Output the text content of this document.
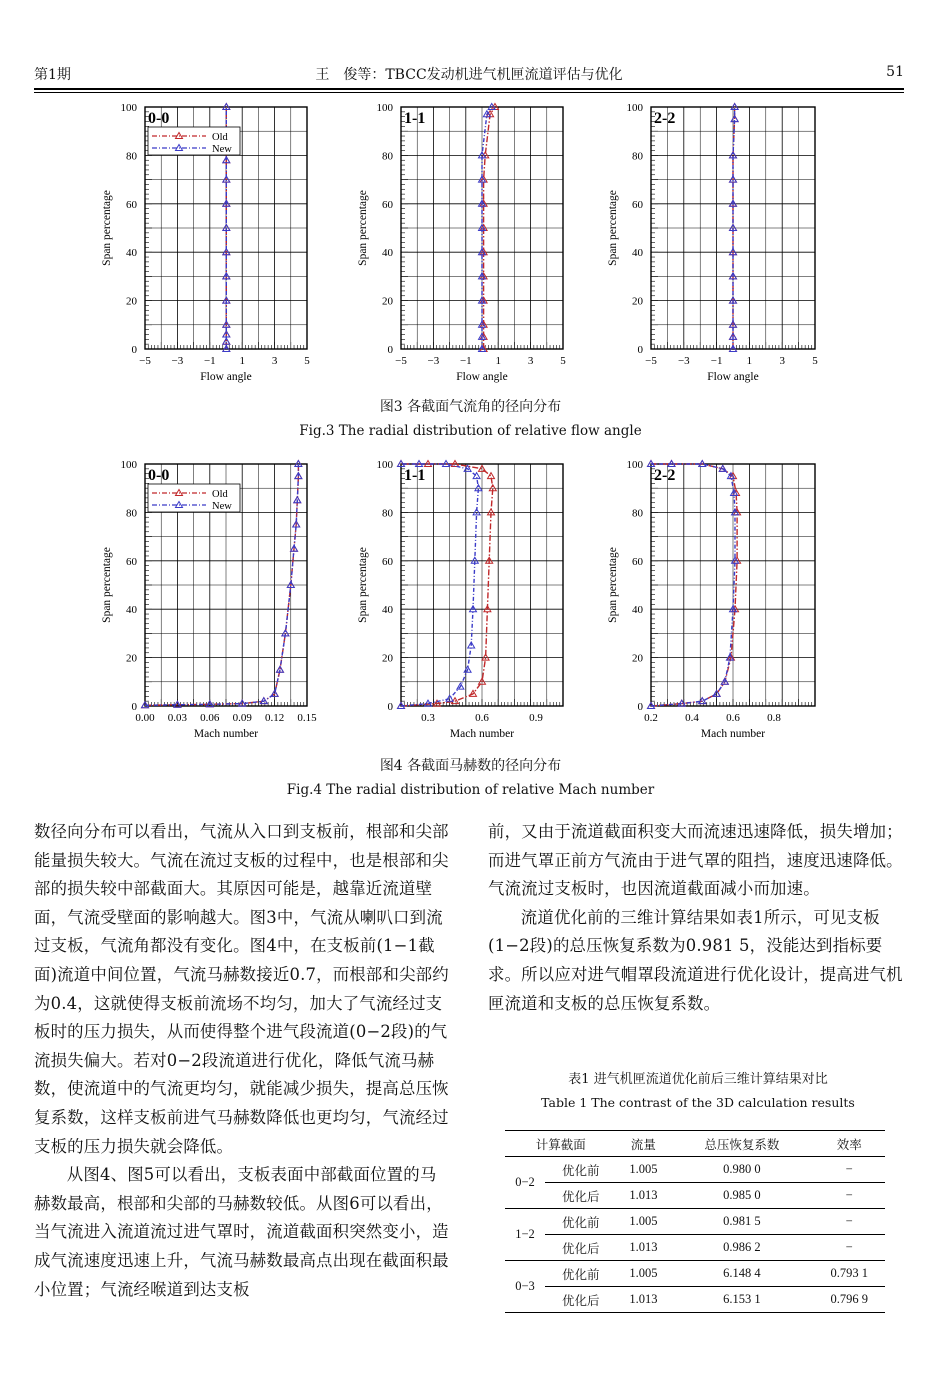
第1期	王　俊等：TBCC发动机进气机匣流道评估与优化	51
0
20
40
60
80
100
−5 −3 −1 1 3 5
Flow angle
Span percentage
0-0
Old
New
0
20
40
60
80
100
−5 −3 −1 1 3 5
Flow angle
Span percentage
1-1
0
20
40
60
80
100
−5 −3 −1 1 3 5
Flow angle
Span percentage
2-2
0
20
40
60
80
100
0.00 0.03 0.06 0.09 0.12 0.15
Mach number
Span percentage
0-0
Old
New
0
20
40
60
80
100
0.3	0.6	0.9
Mach number
Span percentage
1-1
0
20
40
60
80
100
0.2 0.4 0.6 0.8
Mach number
Span percentage
2-2
图3 各截面气流角的径向分布
Fig.3 The radial distribution of relative flow angle
图4 各截面马赫数的径向分布
Fig.4 The radial distribution of relative Mach number

数径向分布可以看出，气流从入口到支板前，根部和尖部能量损失较大。气流在流过支板的过程中，也是根部和尖部的损失较中部截面大。其原因可能是，越靠近流道壁面，气流受壁面的影响越大。图3中，气流从喇叭口到流过支板，气流角都没有变化。图4中，在支板前(1−1截面)流道中间位置，气流马赫数接近0.7，而根部和尖部约为0.4，这就使得支板前流场不均匀，加大了气流经过支板时的压力损失，从而使得整个进气段流道(0−2段)的气流损失偏大。若对0−2段流道进行优化，降低气流马赫数，使流道中的气流更均匀，就能减少损失，提高总压恢复系数，这样支板前进气马赫数降低也更均匀，气流经过支板的压力损失就会降低。

从图4、图5可以看出，支板表面中部截面位置的马赫数最高，根部和尖部的马赫数较低。从图6可以看出，当气流进入流道流过进气罩时，流道截面积突然变小，造成气流速度迅速上升，气流马赫数最高点出现在截面积最小位置；气流经喉道到达支板

前，又由于流道截面积变大而流速迅速降低，损失增加；而进气罩正前方气流由于进气罩的阻挡，速度迅速降低。气流流过支板时，也因流道截面减小而加速。

流道优化前的三维计算结果如表1所示，可见支板(1−2段)的总压恢复系数为0.981 5，没能达到指标要求。所以应对进气帽罩段流道进行优化设计，提高进气机匣流道和支板的总压恢复系数。

表1 进气机匣流道优化前后三维计算结果对比
Table 1 The contrast of the 3D calculation results
计算截面		流量	总压恢复系数	效率
0−2	优化前	1.005	0.980 0	−
	优化后	1.013	0.985 0	−
1−2	优化前	1.005	0.981 5	−
	优化后	1.013	0.986 2	−
0−3	优化前	1.005	6.148 4	0.793 1
	优化后	1.013	6.153 1	0.796 9
